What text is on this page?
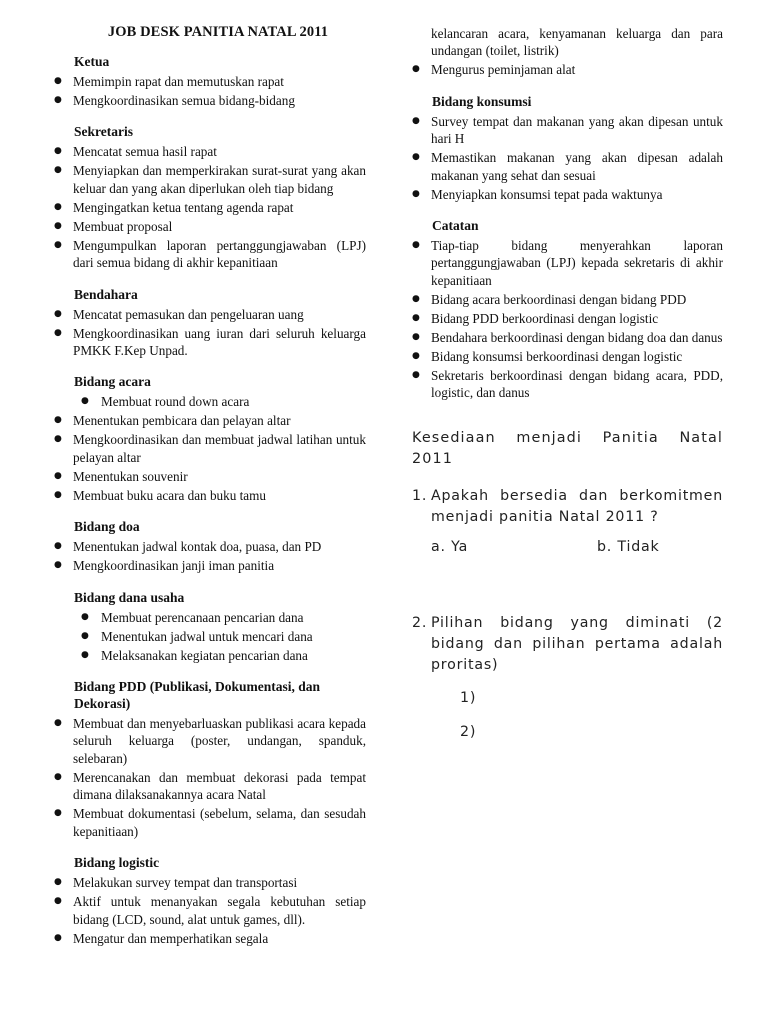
JOB DESK PANITIA NATAL 2011
Ketua
● Memimpin rapat dan memutuskan rapat
● Mengkoordinasikan semua bidang-bidang
Sekretaris
● Mencatat semua hasil rapat
● Menyiapkan dan memperkirakan surat-surat yang akan keluar dan yang akan diperlukan oleh tiap bidang
● Mengingatkan ketua tentang agenda rapat
● Membuat proposal
● Mengumpulkan laporan pertanggungjawaban (LPJ) dari semua bidang di akhir kepanitiaan
Bendahara
● Mencatat pemasukan dan pengeluaran uang
● Mengkoordinasikan uang iuran dari seluruh keluarga PMKK F.Kep Unpad.
Bidang acara
● Membuat round down acara
● Menentukan pembicara dan pelayan altar
● Mengkoordinasikan dan membuat jadwal latihan untuk pelayan altar
● Menentukan souvenir
● Membuat buku acara dan buku tamu
Bidang doa
● Menentukan jadwal kontak doa, puasa, dan PD
● Mengkoordinasikan janji iman panitia
Bidang dana usaha
● Membuat perencanaan pencarian dana
● Menentukan jadwal untuk mencari dana
● Melaksanakan kegiatan pencarian dana
Bidang PDD (Publikasi, Dokumentasi, dan Dekorasi)
● Membuat dan menyebarluaskan publikasi acara kepada seluruh keluarga (poster, undangan, spanduk, selebaran)
● Merencanakan dan membuat dekorasi pada tempat dimana dilaksanakannya acara Natal
● Membuat dokumentasi (sebelum, selama, dan sesudah kepanitiaan)
Bidang logistic
● Melakukan survey tempat dan transportasi
● Aktif untuk menanyakan segala kebutuhan setiap bidang (LCD, sound, alat untuk games, dll).
● Mengatur dan memperhatikan segala
kelancaran acara, kenyamanan keluarga dan para undangan (toilet, listrik)
● Mengurus peminjaman alat
Bidang konsumsi
● Survey tempat dan makanan yang akan dipesan untuk hari H
● Memastikan makanan yang akan dipesan adalah makanan yang sehat dan sesuai
● Menyiapkan konsumsi tepat pada waktunya
Catatan
● Tiap-tiap bidang menyerahkan laporan pertanggungjawaban (LPJ) kepada sekretaris di akhir kepanitiaan
● Bidang acara berkoordinasi dengan bidang PDD
● Bidang PDD berkoordinasi dengan logistic
● Bendahara berkoordinasi dengan bidang doa dan danus
● Bidang konsumsi berkoordinasi dengan logistic
● Sekretaris berkoordinasi dengan bidang acara, PDD, logistic, dan danus
Kesediaan menjadi Panitia Natal 2011
1. Apakah bersedia dan berkomitmen menjadi panitia Natal 2011 ?
a. Ya	b. Tidak
2. Pilihan bidang yang diminati (2 bidang dan pilihan pertama adalah proritas)
1)
2)
